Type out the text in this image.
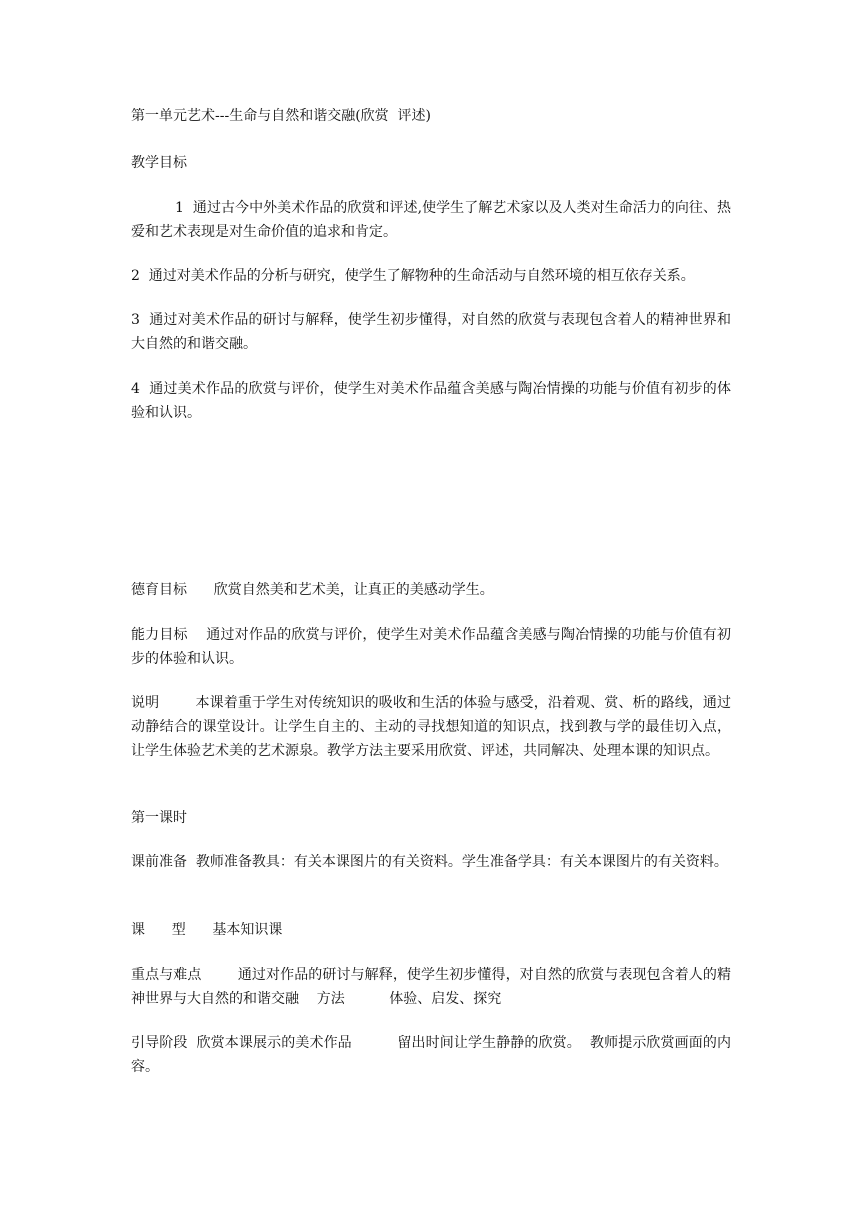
第一单元艺术---生命与自然和谐交融(欣赏  评述)
教学目标
1  通过古今中外美术作品的欣赏和评述,使学生了解艺术家以及人类对生命活力的向往、热爱和艺术表现是对生命价值的追求和肯定。
2  通过对美术作品的分析与研究，使学生了解物种的生命活动与自然环境的相互依存关系。
3  通过对美术作品的研讨与解释，使学生初步懂得，对自然的欣赏与表现包含着人的精神世界和大自然的和谐交融。
4  通过美术作品的欣赏与评价，使学生对美术作品蕴含美感与陶冶情操的功能与价值有初步的体验和认识。
德育目标      欣赏自然美和艺术美，让真正的美感动学生。
能力目标    通过对作品的欣赏与评价，使学生对美术作品蕴含美感与陶冶情操的功能与价值有初步的体验和认识。
说明        本课着重于学生对传统知识的吸收和生活的体验与感受，沿着观、赏、析的路线，通过动静结合的课堂设计。让学生自主的、主动的寻找想知道的知识点，找到教与学的最佳切入点，让学生体验艺术美的艺术源泉。教学方法主要采用欣赏、评述，共同解决、处理本课的知识点。
第一课时
课前准备  教师准备教具：有关本课图片的有关资料。学生准备学具：有关本课图片的有关资料。
课      型      基本知识课
重点与难点        通过对作品的研讨与解释，使学生初步懂得，对自然的欣赏与表现包含着人的精神世界与大自然的和谐交融    方法          体验、启发、探究
引导阶段  欣赏本课展示的美术作品          留出时间让学生静静的欣赏。  教师提示欣赏画面的内容。
